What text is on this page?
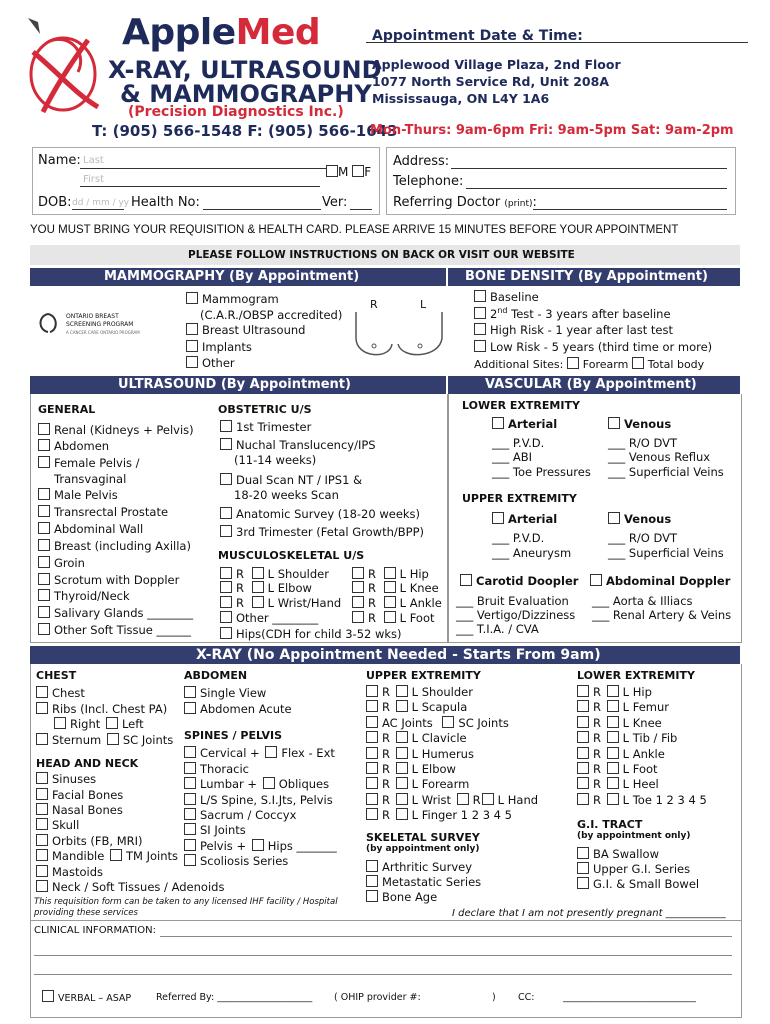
AppleMed
X-RAY, ULTRASOUND
& MAMMOGRAPHY
(Precision Diagnostics Inc.)
T: (905) 566-1548 F: (905) 566-1643
Appointment Date & Time:
Applewood Village Plaza, 2nd Floor
1077 North Service Rd, Unit 208A
Mississauga, ON L4Y 1A6
Mon-Thurs: 9am-6pm Fri: 9am-5pm Sat: 9am-2pm
Name: Last
First
M F
DOB: dd / mm / yy Health No:	Ver:
Address:
Telephone:
Referring Doctor (print):
YOU MUST BRING YOUR REQUISITION & HEALTH CARD. PLEASE ARRIVE 15 MINUTES BEFORE YOUR APPOINTMENT
PLEASE FOLLOW INSTRUCTIONS ON BACK OR VISIT OUR WEBSITE
MAMMOGRAPHY (By Appointment)	BONE DENSITY (By Appointment)
ONTARIO BREAST
SCREENING PROGRAM
A CANCER CARE ONTARIO PROGRAM
Mammogram
(C.A.R./OBSP accredited)
Breast Ultrasound
Implants
Other
R	L
Baseline
2nd Test - 3 years after baseline
High Risk - 1 year after last test
Low Risk - 5 years (third time or more)
Additional Sites: Forearm Total body
ULTRASOUND (By Appointment)	VASCULAR (By Appointment)
GENERAL
Renal (Kidneys + Pelvis)
Abdomen
Female Pelvis /
Transvaginal
Male Pelvis
Transrectal Prostate
Abdominal Wall
Breast (including Axilla)
Groin
Scrotum with Doppler
Thyroid/Neck
Salivary Glands ________
Other Soft Tissue ______
OBSTETRIC U/S
1st Trimester
Nuchal Translucency/IPS
(11-14 weeks)
Dual Scan NT / IPS1 &
18-20 weeks Scan
Anatomic Survey (18-20 weeks)
3rd Trimester (Fetal Growth/BPP)
MUSCULOSKELETAL U/S
R L Shoulder
R L Elbow
R L Wrist/Hand
Other ________
Hips(CDH for child 3-52 wks)
R L Hip
R L Knee
R L Ankle
R L Foot
LOWER EXTREMITY
Arterial	Venous
___ P.V.D.
___ ABI
___ Toe Pressures
___ R/O DVT
___ Venous Reflux
___ Superficial Veins
UPPER EXTREMITY
Arterial	Venous
___ P.V.D.
___ Aneurysm
___ R/O DVT
___ Superficial Veins
Carotid Doopler	Abdominal Doppler
___ Bruit Evaluation
___ Vertigo/Dizziness
___ T.I.A. / CVA
___ Aorta & Illiacs
___ Renal Artery & Veins
X-RAY (No Appointment Needed - Starts From 9am)
CHEST
Chest
Ribs (Incl. Chest PA)
Right Left
Sternum SC Joints
HEAD AND NECK
Sinuses
Facial Bones
Nasal Bones
Skull
Orbits (FB, MRI)
Mandible TM Joints
Mastoids
Neck / Soft Tissues / Adenoids
ABDOMEN
Single View
Abdomen Acute
SPINES / PELVIS
Cervical + Flex - Ext
Thoracic
Lumbar + Obliques
L/S Spine, S.I.Jts, Pelvis
Sacrum / Coccyx
SI Joints
Pelvis + Hips _______
Scoliosis Series
UPPER EXTREMITY
R L Shoulder
R L Scapula
AC Joints SC Joints
R L Clavicle
R L Humerus
R L Elbow
R L Forearm
R L Wrist R L Hand
R L Finger 1 2 3 4 5
SKELETAL SURVEY
(by appointment only)
Arthritic Survey
Metastatic Series
Bone Age
LOWER EXTREMITY
R L Hip
R L Femur
R L Knee
R L Tib / Fib
R L Ankle
R L Foot
R L Heel
R L Toe 1 2 3 4 5
G.I. TRACT
(by appointment only)
BA Swallow
Upper G.I. Series
G.I. & Small Bowel
This requisition form can be taken to any licensed IHF facility / Hospital
providing these services	I declare that I am not presently pregnant ____________
CLINICAL INFORMATION:
VERBAL – ASAP	Referred By: ____________________ ( OHIP provider #:	) CC:	____________________________
